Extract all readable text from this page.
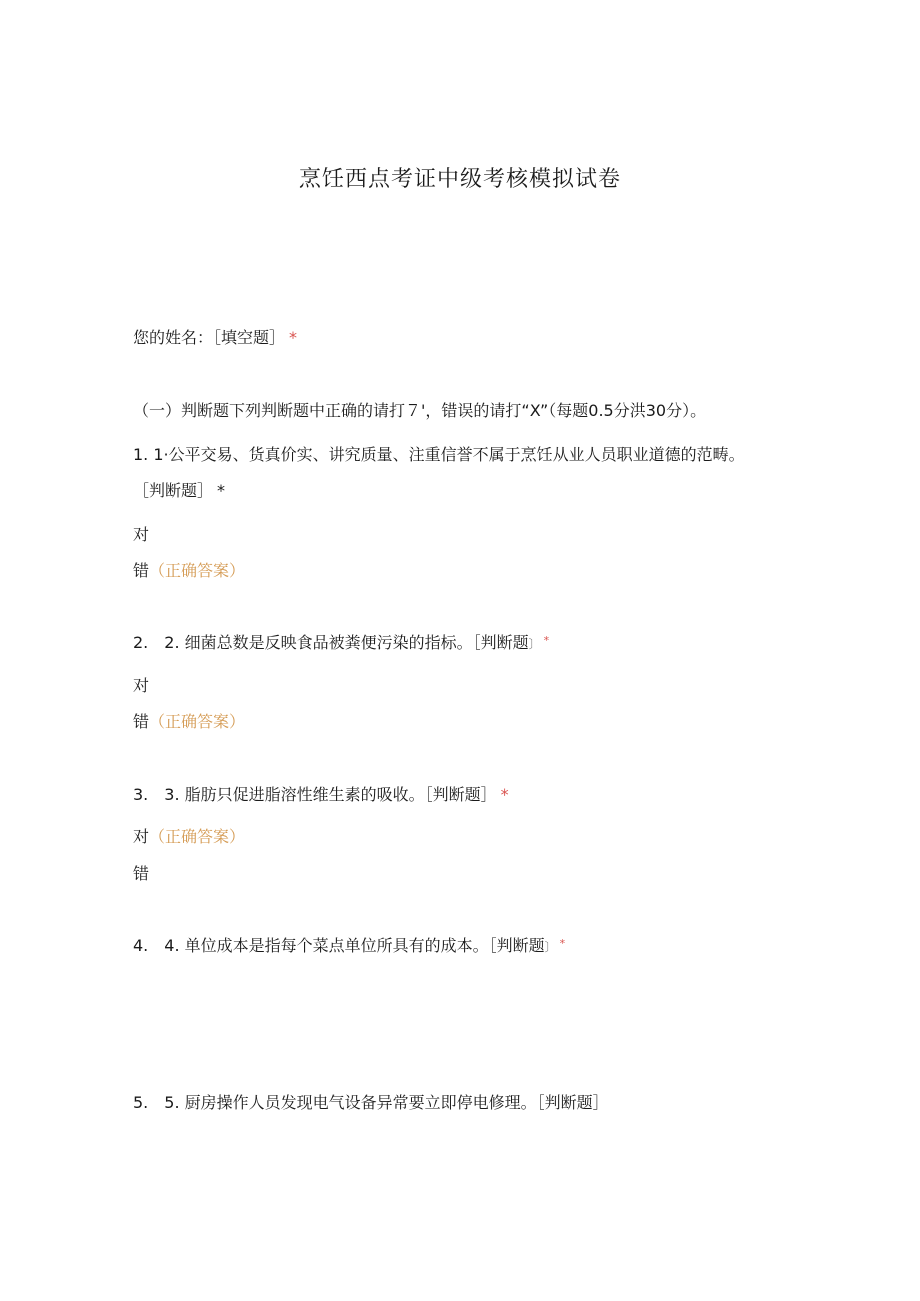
烹饪西点考证中级考核模拟试卷
您的姓名：［填空题］ *
（一）判断题下列判断题中正确的请打７'，错误的请打“X”（每题0.5分洪30分）。
1. 1·公平交易、货真价实、讲究质量、注重信誉不属于烹饪从业人员职业道德的范畴。
［判断题］ *
对
错（正确答案）
2.　2. 细菌总数是反映食品被粪便污染的指标。［判断题〕 *
对
错（正确答案）
3.　3. 脂肪只促进脂溶性维生素的吸收。［判断题］ *
对（正确答案）
错
4.　4. 单位成本是指每个菜点单位所具有的成本。［判断题〕 *
5.　5. 厨房操作人员发现电气设备异常要立即停电修理。［判断题］
